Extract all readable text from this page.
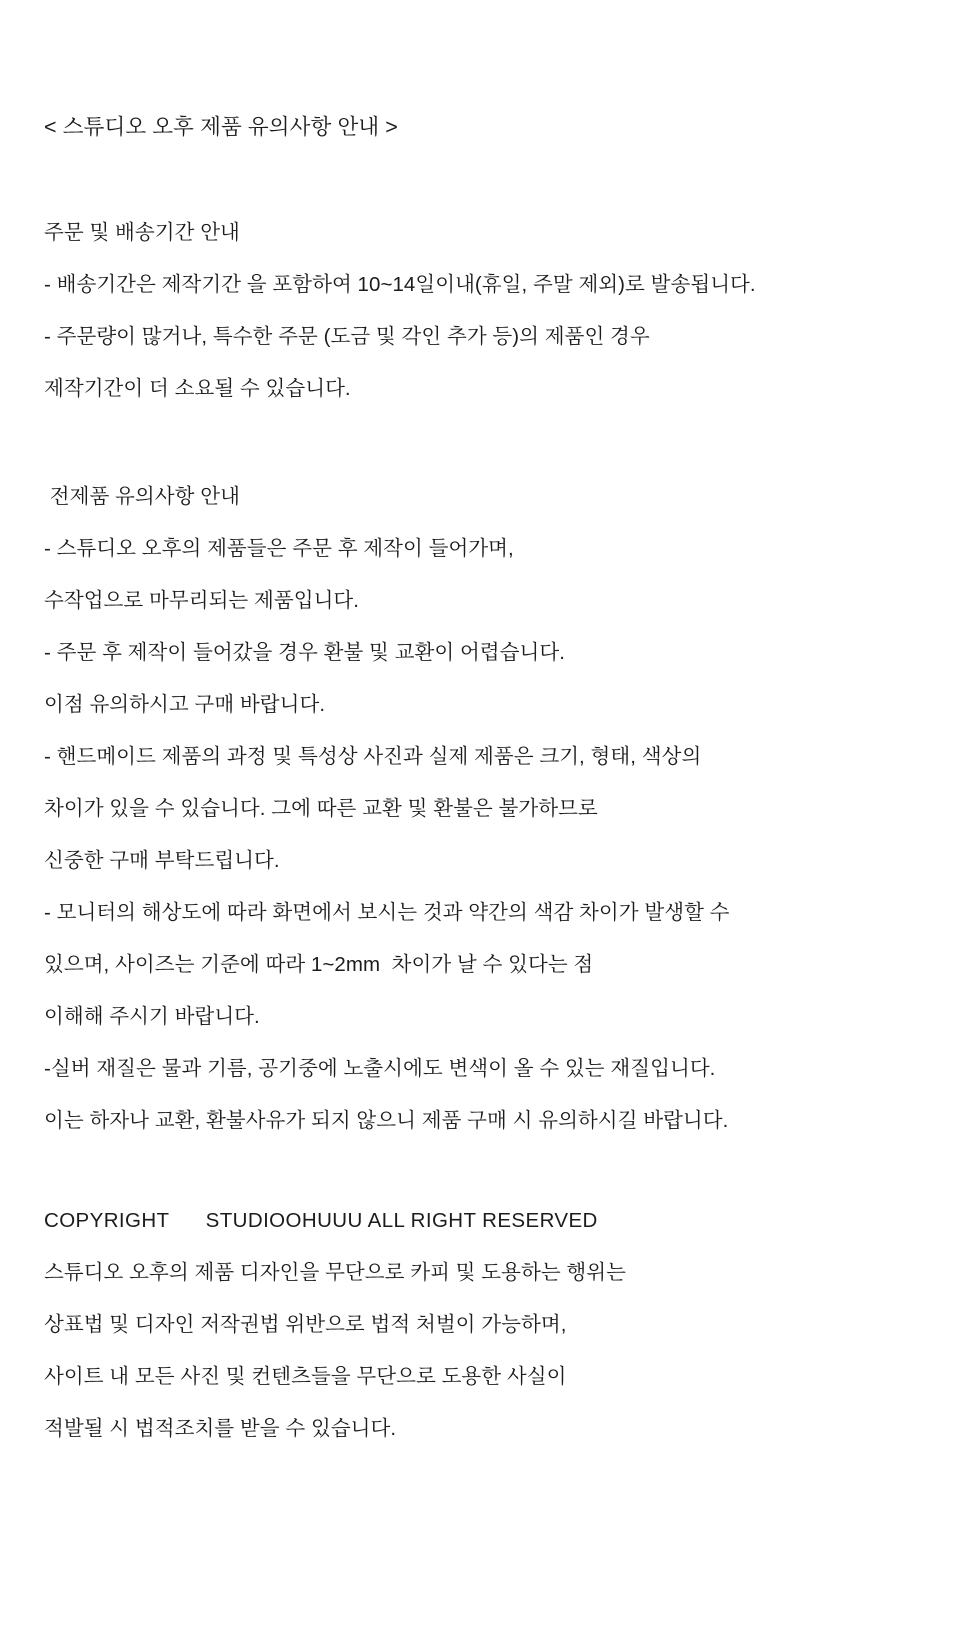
< 스튜디오 오후 제품 유의사항 안내 >
주문 및 배송기간 안내
- 배송기간은 제작기간 을 포함하여 10~14일이내(휴일, 주말 제외)로 발송됩니다.
- 주문량이 많거나, 특수한 주문 (도금 및 각인 추가 등)의 제품인 경우
제작기간이 더 소요될 수 있습니다.
전제품 유의사항 안내
- 스튜디오 오후의 제품들은 주문 후 제작이 들어가며,
수작업으로 마무리되는 제품입니다.
- 주문 후 제작이 들어갔을 경우 환불 및 교환이 어렵습니다.
이점 유의하시고 구매 바랍니다.
- 핸드메이드 제품의 과정 및 특성상 사진과 실제 제품은 크기, 형태, 색상의
차이가 있을 수 있습니다. 그에 따른 교환 및 환불은 불가하므로
신중한 구매 부탁드립니다.
- 모니터의 해상도에 따라 화면에서 보시는 것과 약간의 색감 차이가 발생할 수
있으며, 사이즈는 기준에 따라 1~2mm  차이가 날 수 있다는 점
이해해 주시기 바랍니다.
-실버 재질은 물과 기름, 공기중에 노출시에도 변색이 올 수 있는 재질입니다.
이는 하자나 교환, 환불사유가 되지 않으니 제품 구매 시 유의하시길 바랍니다.
COPYRIGHT      STUDIOOHUUU ALL RIGHT RESERVED
스튜디오 오후의 제품 디자인을 무단으로 카피 및 도용하는 행위는
상표법 및 디자인 저작권법 위반으로 법적 처벌이 가능하며,
사이트 내 모든 사진 및 컨텐츠들을 무단으로 도용한 사실이
적발될 시 법적조치를 받을 수 있습니다.
